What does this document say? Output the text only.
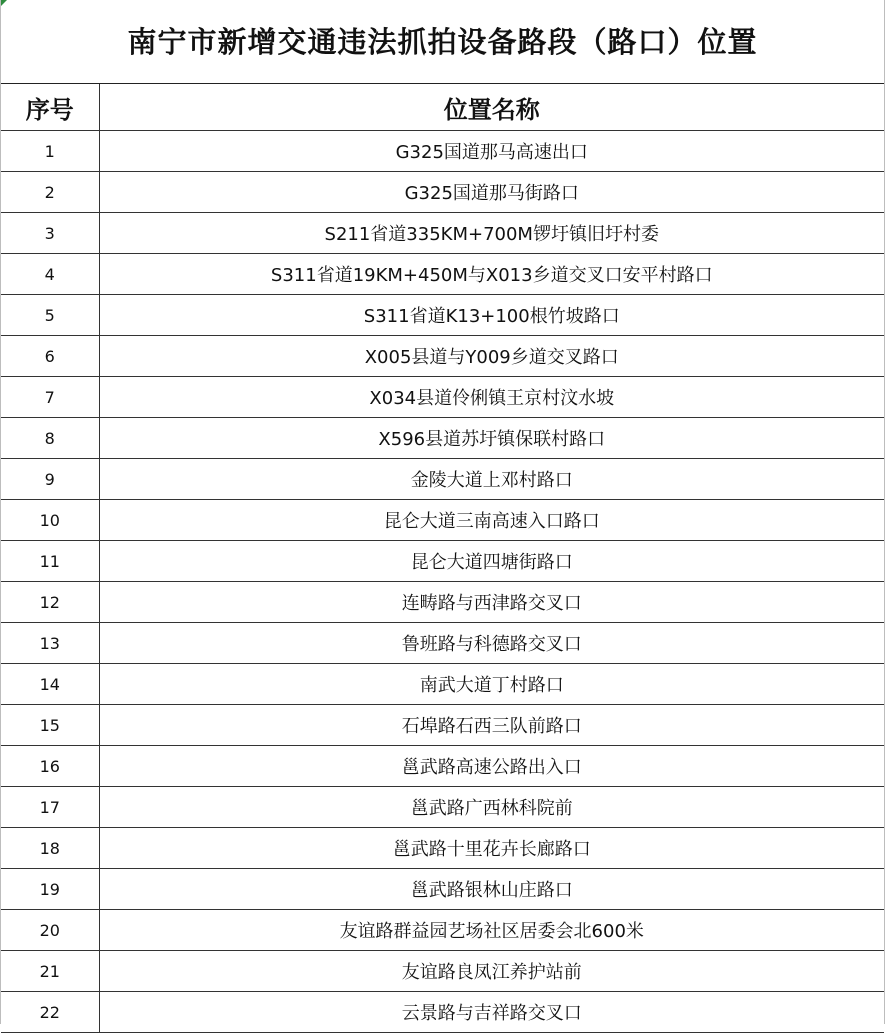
南宁市新增交通违法抓拍设备路段（路口）位置
序号	位置名称
1	G325国道那马高速出口
2	G325国道那马街路口
3	S211省道335KM+700M锣圩镇旧圩村委
4	S311省道19KM+450M与X013乡道交叉口安平村路口
5	S311省道K13+100根竹坡路口
6	X005县道与Y009乡道交叉路口
7	X034县道伶俐镇王京村汶水坡
8	X596县道苏圩镇保联村路口
9	金陵大道上邓村路口
10	昆仑大道三南高速入口路口
11	昆仑大道四塘街路口
12	连畴路与西津路交叉口
13	鲁班路与科德路交叉口
14	南武大道丁村路口
15	石埠路石西三队前路口
16	邕武路高速公路出入口
17	邕武路广西林科院前
18	邕武路十里花卉长廊路口
19	邕武路银林山庄路口
20	友谊路群益园艺场社区居委会北600米
21	友谊路良凤江养护站前
22	云景路与吉祥路交叉口
